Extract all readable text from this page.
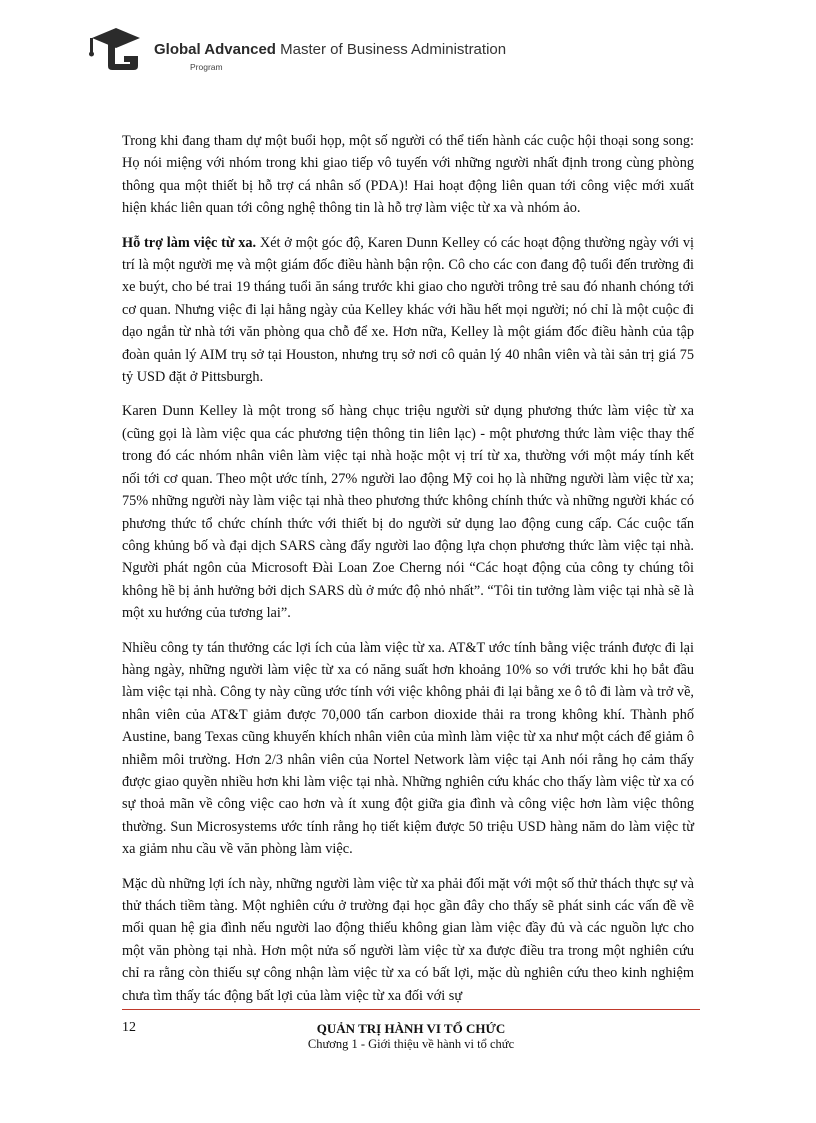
Global Advanced Master of Business Administration
Program

Trong khi đang tham dự một buổi họp, một số người có thể tiến hành các cuộc hội thoại song song: Họ nói miệng với nhóm trong khi giao tiếp vô tuyến với những người nhất định trong cùng phòng thông qua một thiết bị hỗ trợ cá nhân số (PDA)! Hai hoạt động liên quan tới công việc mới xuất hiện khác liên quan tới công nghệ thông tin là hỗ trợ làm việc từ xa và nhóm ảo.

Hỗ trợ làm việc từ xa. Xét ở một góc độ, Karen Dunn Kelley có các hoạt động thường ngày với vị trí là một người mẹ và một giám đốc điều hành bận rộn. Cô cho các con đang độ tuổi đến trường đi xe buýt, cho bé trai 19 tháng tuổi ăn sáng trước khi giao cho người trông trẻ sau đó nhanh chóng tới cơ quan. Nhưng việc đi lại hằng ngày của Kelley khác với hầu hết mọi người; nó chỉ là một cuộc đi dạo ngắn từ nhà tới văn phòng qua chỗ để xe. Hơn nữa, Kelley là một giám đốc điều hành của tập đoàn quản lý AIM trụ sở tại Houston, nhưng trụ sở nơi cô quản lý 40 nhân viên và tài sản trị giá 75 tỷ USD đặt ở Pittsburgh.

Karen Dunn Kelley là một trong số hàng chục triệu người sử dụng phương thức làm việc từ xa (cũng gọi là làm việc qua các phương tiện thông tin liên lạc) - một phương thức làm việc thay thế trong đó các nhóm nhân viên làm việc tại nhà hoặc một vị trí từ xa, thường với một máy tính kết nối tới cơ quan. Theo một ước tính, 27% người lao động Mỹ coi họ là những người làm việc từ xa; 75% những người này làm việc tại nhà theo phương thức không chính thức và những người khác có phương thức tổ chức chính thức với thiết bị do người sử dụng lao động cung cấp. Các cuộc tấn công khủng bố và đại dịch SARS càng đẩy người lao động lựa chọn phương thức làm việc tại nhà. Người phát ngôn của Microsoft Đài Loan Zoe Cherng nói “Các hoạt động của công ty chúng tôi không hề bị ảnh hưởng bởi dịch SARS dù ở mức độ nhỏ nhất”. “Tôi tin tưởng làm việc tại nhà sẽ là một xu hướng của tương lai”.

Nhiều công ty tán thưởng các lợi ích của làm việc từ xa. AT&T ước tính bằng việc tránh được đi lại hàng ngày, những người làm việc từ xa có năng suất hơn khoảng 10% so với trước khi họ bắt đầu làm việc tại nhà. Công ty này cũng ước tính với việc không phải đi lại bằng xe ô tô đi làm và trở về, nhân viên của AT&T giảm được 70,000 tấn carbon dioxide thải ra trong không khí. Thành phố Austine, bang Texas cũng khuyến khích nhân viên của mình làm việc từ xa như một cách để giảm ô nhiễm môi trường. Hơn 2/3 nhân viên của Nortel Network làm việc tại Anh nói rằng họ cảm thấy được giao quyền nhiều hơn khi làm việc tại nhà. Những nghiên cứu khác cho thấy làm việc từ xa có sự thoả mãn về công việc cao hơn và ít xung đột giữa gia đình và công việc hơn làm việc thông thường. Sun Microsystems ước tính rằng họ tiết kiệm được 50 triệu USD hàng năm do làm việc từ xa giảm nhu cầu về văn phòng làm việc.

Mặc dù những lợi ích này, những người làm việc từ xa phải đối mặt với một số thử thách thực sự và thử thách tiềm tàng. Một nghiên cứu ở trường đại học gần đây cho thấy sẽ phát sinh các vấn đề về mối quan hệ gia đình nếu người lao động thiếu không gian làm việc đầy đủ và các nguồn lực cho một văn phòng tại nhà. Hơn một nửa số người làm việc từ xa được điều tra trong một nghiên cứu chỉ ra rằng còn thiếu sự công nhận làm việc từ xa có bất lợi, mặc dù nghiên cứu theo kinh nghiệm chưa tìm thấy tác động bất lợi của làm việc từ xa đối với sự

12	QUẢN TRỊ HÀNH VI TỔ CHỨC
Chương 1 - Giới thiệu về hành vi tổ chức
